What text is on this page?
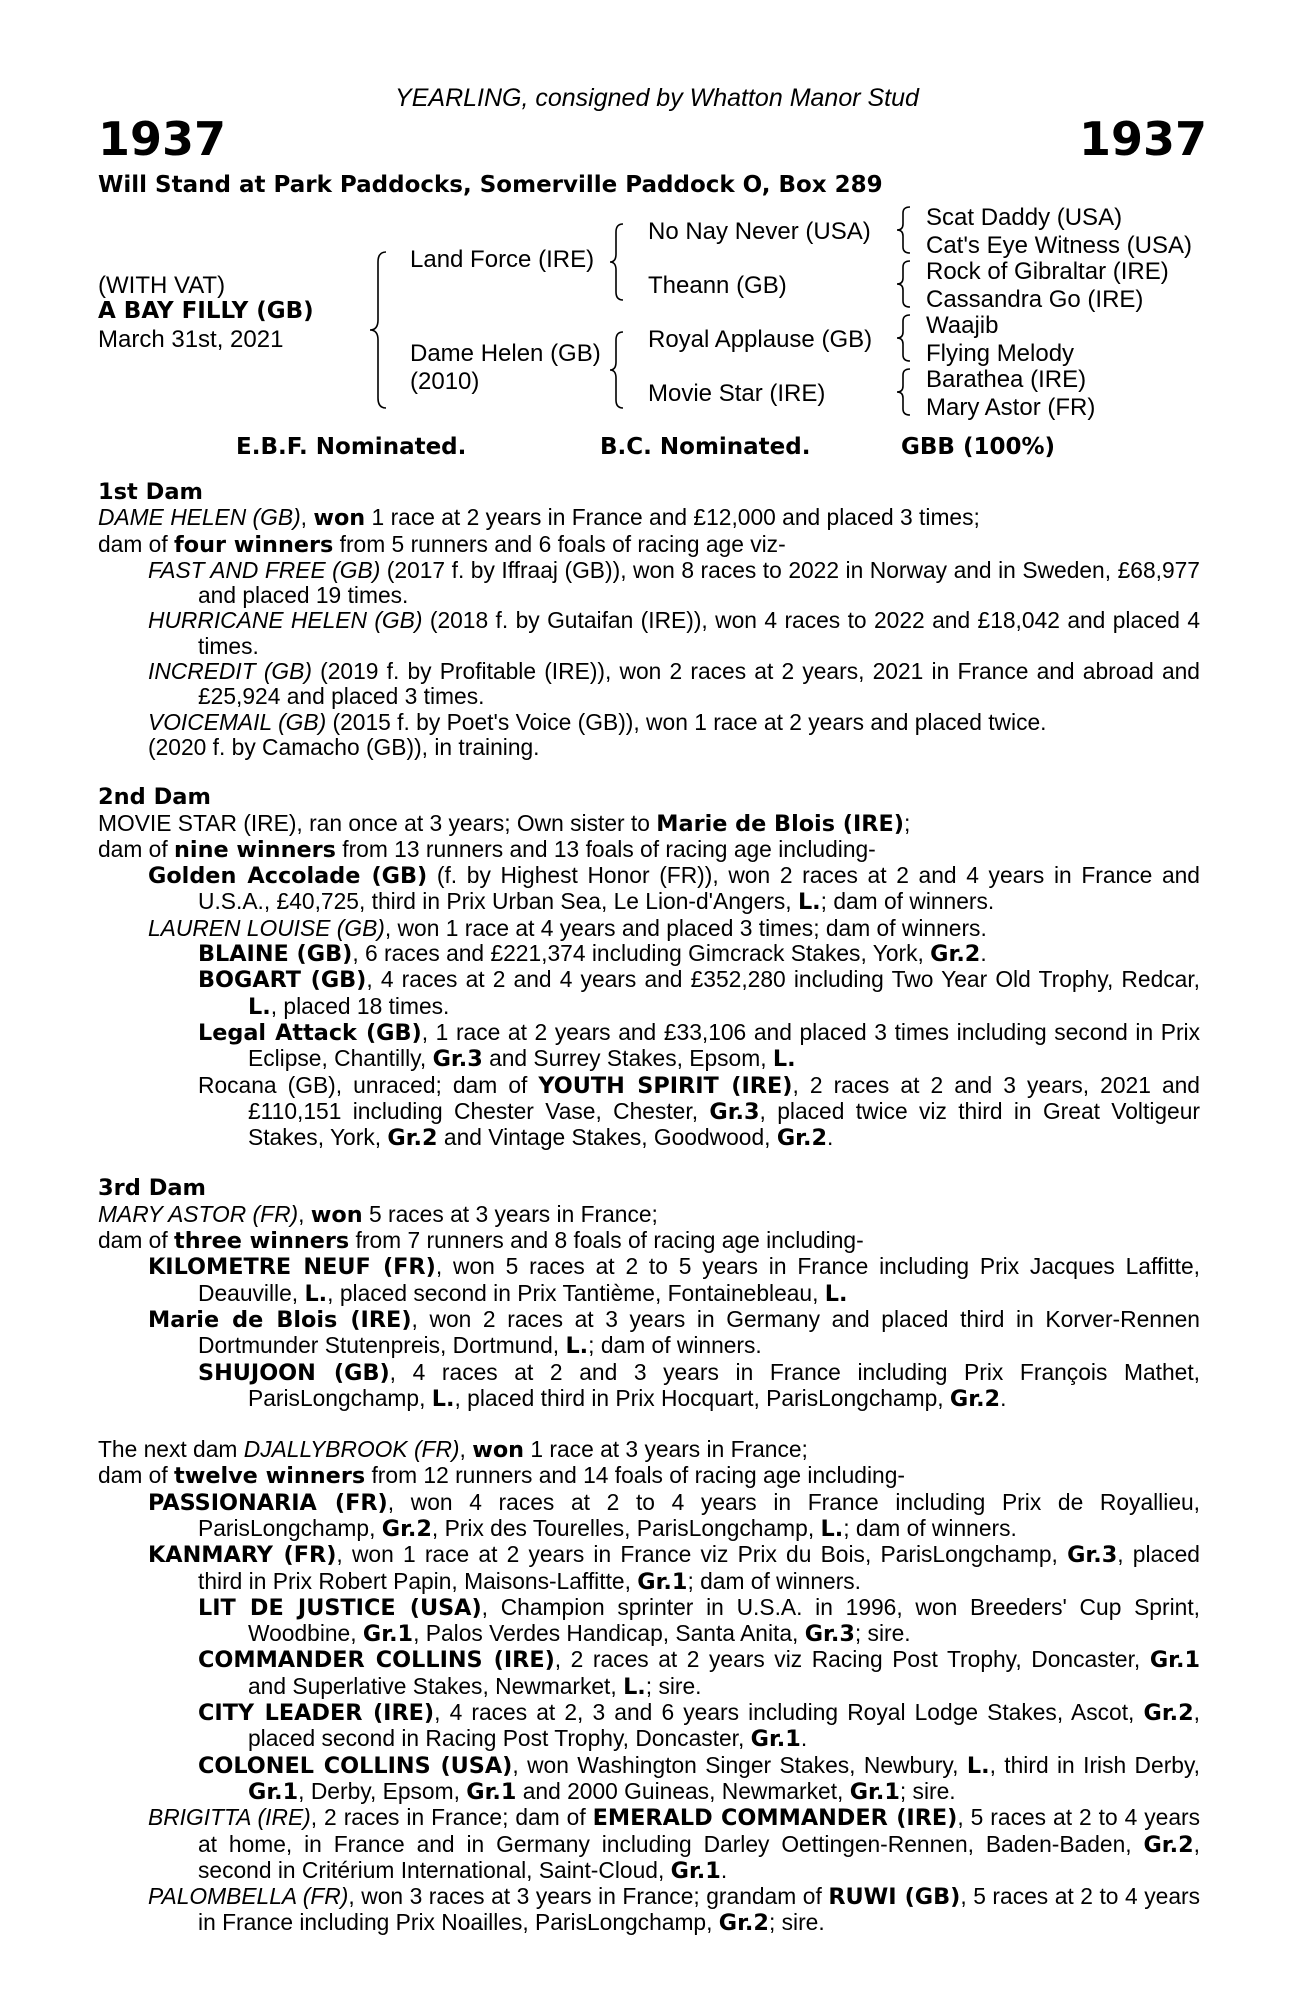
YEARLING, consigned by Whatton Manor Stud
1937	1937
Will Stand at Park Paddocks, Somerville Paddock O, Box 289
(WITH VAT)
A BAY FILLY (GB)
March 31st, 2021
Land Force (IRE)
Dame Helen (GB)
(2010)
No Nay Never (USA)
Theann (GB)
Royal Applause (GB)
Movie Star (IRE)
Scat Daddy (USA)
Cat's Eye Witness (USA)
Rock of Gibraltar (IRE)
Cassandra Go (IRE)
Waajib
Flying Melody
Barathea (IRE)
Mary Astor (FR)
E.B.F. Nominated.	B.C. Nominated.	GBB (100%)
1st Dam
DAME HELEN (GB), won 1 race at 2 years in France and £12,000 and placed 3 times;
dam of four winners from 5 runners and 6 foals of racing age viz-
FAST AND FREE (GB) (2017 f. by Iffraaj (GB)), won 8 races to 2022 in Norway and in Sweden, £68,977 and placed 19 times.
HURRICANE HELEN (GB) (2018 f. by Gutaifan (IRE)), won 4 races to 2022 and £18,042 and placed 4 times.
INCREDIT (GB) (2019 f. by Profitable (IRE)), won 2 races at 2 years, 2021 in France and abroad and £25,924 and placed 3 times.
VOICEMAIL (GB) (2015 f. by Poet's Voice (GB)), won 1 race at 2 years and placed twice.
(2020 f. by Camacho (GB)), in training.
2nd Dam
MOVIE STAR (IRE), ran once at 3 years; Own sister to Marie de Blois (IRE);
dam of nine winners from 13 runners and 13 foals of racing age including-
Golden Accolade (GB) (f. by Highest Honor (FR)), won 2 races at 2 and 4 years in France and U.S.A., £40,725, third in Prix Urban Sea, Le Lion-d'Angers, L.; dam of winners.
LAUREN LOUISE (GB), won 1 race at 4 years and placed 3 times; dam of winners.
BLAINE (GB), 6 races and £221,374 including Gimcrack Stakes, York, Gr.2.
BOGART (GB), 4 races at 2 and 4 years and £352,280 including Two Year Old Trophy, Redcar, L., placed 18 times.
Legal Attack (GB), 1 race at 2 years and £33,106 and placed 3 times including second in Prix Eclipse, Chantilly, Gr.3 and Surrey Stakes, Epsom, L.
Rocana (GB), unraced; dam of YOUTH SPIRIT (IRE), 2 races at 2 and 3 years, 2021 and £110,151 including Chester Vase, Chester, Gr.3, placed twice viz third in Great Voltigeur Stakes, York, Gr.2 and Vintage Stakes, Goodwood, Gr.2.
3rd Dam
MARY ASTOR (FR), won 5 races at 3 years in France;
dam of three winners from 7 runners and 8 foals of racing age including-
KILOMETRE NEUF (FR), won 5 races at 2 to 5 years in France including Prix Jacques Laffitte, Deauville, L., placed second in Prix Tantième, Fontainebleau, L.
Marie de Blois (IRE), won 2 races at 3 years in Germany and placed third in Korver-Rennen Dortmunder Stutenpreis, Dortmund, L.; dam of winners.
SHUJOON (GB), 4 races at 2 and 3 years in France including Prix François Mathet, ParisLongchamp, L., placed third in Prix Hocquart, ParisLongchamp, Gr.2.
The next dam DJALLYBROOK (FR), won 1 race at 3 years in France;
dam of twelve winners from 12 runners and 14 foals of racing age including-
PASSIONARIA (FR), won 4 races at 2 to 4 years in France including Prix de Royallieu, ParisLongchamp, Gr.2, Prix des Tourelles, ParisLongchamp, L.; dam of winners.
KANMARY (FR), won 1 race at 2 years in France viz Prix du Bois, ParisLongchamp, Gr.3, placed third in Prix Robert Papin, Maisons-Laffitte, Gr.1; dam of winners.
LIT DE JUSTICE (USA), Champion sprinter in U.S.A. in 1996, won Breeders' Cup Sprint, Woodbine, Gr.1, Palos Verdes Handicap, Santa Anita, Gr.3; sire.
COMMANDER COLLINS (IRE), 2 races at 2 years viz Racing Post Trophy, Doncaster, Gr.1 and Superlative Stakes, Newmarket, L.; sire.
CITY LEADER (IRE), 4 races at 2, 3 and 6 years including Royal Lodge Stakes, Ascot, Gr.2, placed second in Racing Post Trophy, Doncaster, Gr.1.
COLONEL COLLINS (USA), won Washington Singer Stakes, Newbury, L., third in Irish Derby, Gr.1, Derby, Epsom, Gr.1 and 2000 Guineas, Newmarket, Gr.1; sire.
BRIGITTA (IRE), 2 races in France; dam of EMERALD COMMANDER (IRE), 5 races at 2 to 4 years at home, in France and in Germany including Darley Oettingen-Rennen, Baden-Baden, Gr.2, second in Critérium International, Saint-Cloud, Gr.1.
PALOMBELLA (FR), won 3 races at 3 years in France; grandam of RUWI (GB), 5 races at 2 to 4 years in France including Prix Noailles, ParisLongchamp, Gr.2; sire.
